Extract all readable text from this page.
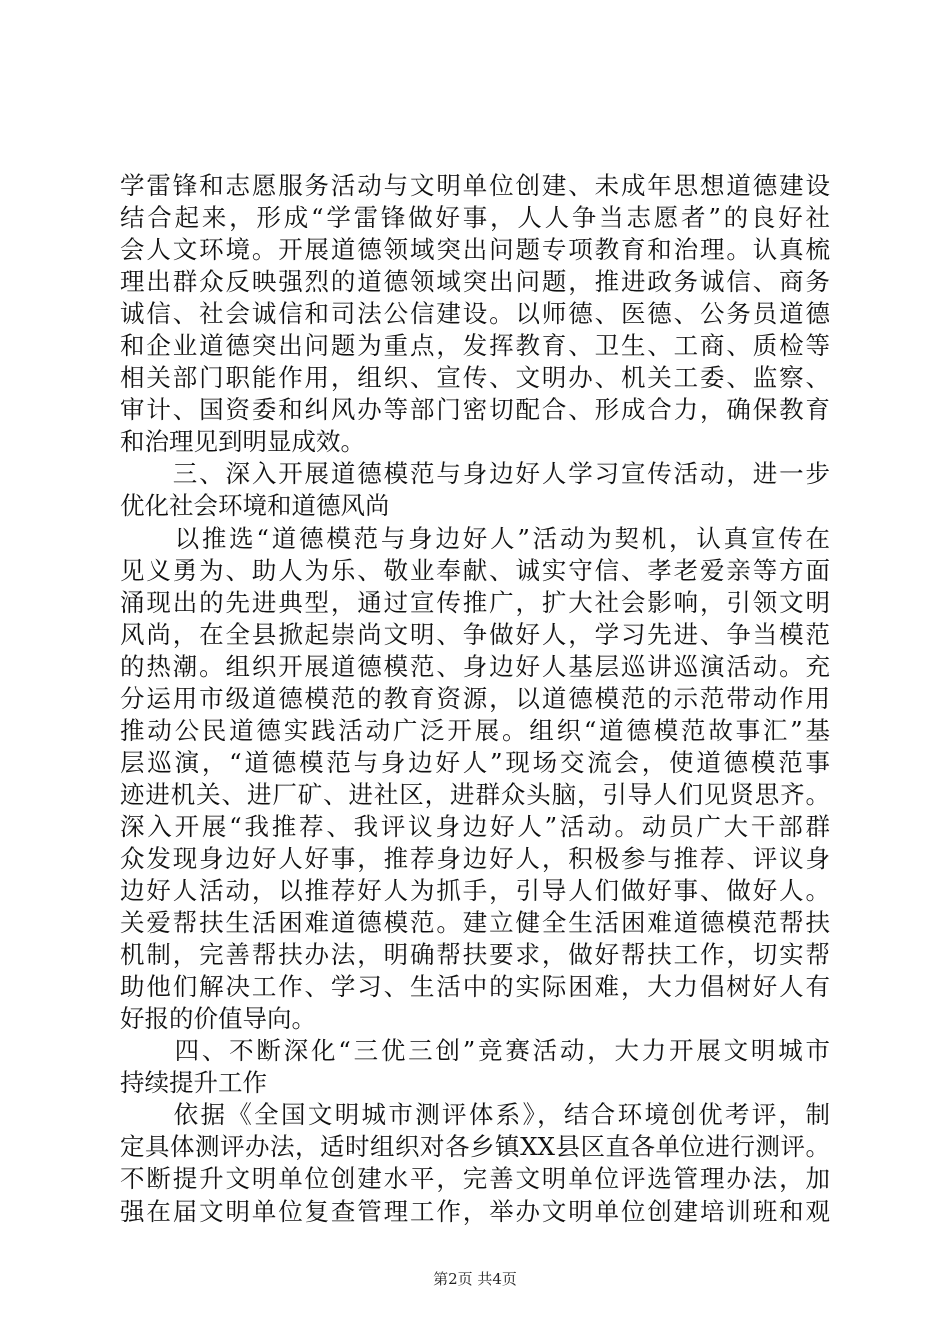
学雷锋和志愿服务活动与文明单位创建、未成年思想道德建设
结合起来，形成“学雷锋做好事，人人争当志愿者”的良好社
会人文环境。开展道德领域突出问题专项教育和治理。认真梳
理出群众反映强烈的道德领域突出问题，推进政务诚信、商务
诚信、社会诚信和司法公信建设。以师德、医德、公务员道德
和企业道德突出问题为重点，发挥教育、卫生、工商、质检等
相关部门职能作用，组织、宣传、文明办、机关工委、监察、
审计、国资委和纠风办等部门密切配合、形成合力，确保教育
和治理见到明显成效。
　　三、深入开展道德模范与身边好人学习宣传活动，进一步
优化社会环境和道德风尚
　　以推选“道德模范与身边好人”活动为契机，认真宣传在
见义勇为、助人为乐、敬业奉献、诚实守信、孝老爱亲等方面
涌现出的先进典型，通过宣传推广，扩大社会影响，引领文明
风尚，在全县掀起崇尚文明、争做好人，学习先进、争当模范
的热潮。组织开展道德模范、身边好人基层巡讲巡演活动。充
分运用市级道德模范的教育资源，以道德模范的示范带动作用
推动公民道德实践活动广泛开展。组织“道德模范故事汇”基
层巡演，“道德模范与身边好人”现场交流会，使道德模范事
迹进机关、进厂矿、进社区，进群众头脑，引导人们见贤思齐。
深入开展“我推荐、我评议身边好人”活动。动员广大干部群
众发现身边好人好事，推荐身边好人，积极参与推荐、评议身
边好人活动，以推荐好人为抓手，引导人们做好事、做好人。
关爱帮扶生活困难道德模范。建立健全生活困难道德模范帮扶
机制，完善帮扶办法，明确帮扶要求，做好帮扶工作，切实帮
助他们解决工作、学习、生活中的实际困难，大力倡树好人有
好报的价值导向。
　　四、不断深化“三优三创”竞赛活动，大力开展文明城市
持续提升工作
　　依据《全国文明城市测评体系》，结合环境创优考评，制
定具体测评办法，适时组织对各乡镇XX县区直各单位进行测评。
不断提升文明单位创建水平，完善文明单位评选管理办法，加
强在届文明单位复查管理工作，举办文明单位创建培训班和观
第2页 共4页
